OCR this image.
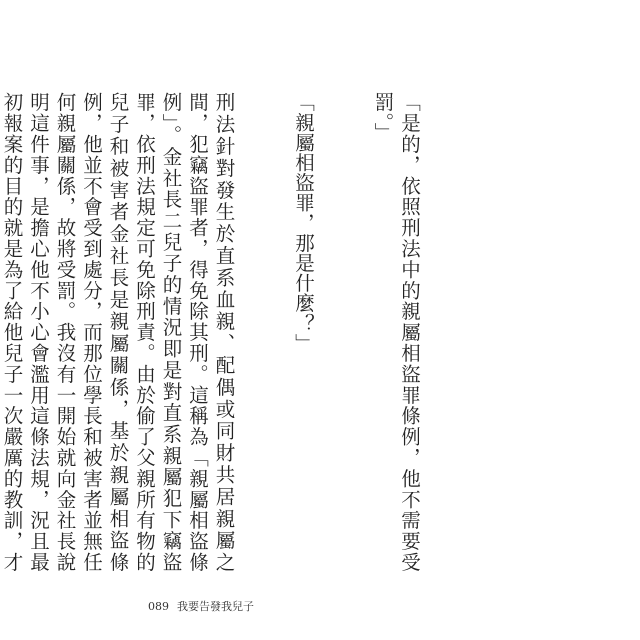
「是的，依照刑法中的親屬相盜罪條例，他不需要受罰。」

「親屬相盜罪，那是什麼？」

刑法針對發生於直系血親、配偶或同財共居親屬之間，犯竊盜罪者，得免除其刑。這稱為「親屬相盜條例」。金社長二兒子的情況即是對直系親屬犯下竊盜罪，依刑法規定可免除刑責。由於偷了父親所有物的兒子和被害者金社長是親屬關係，基於親屬相盜條例，他並不會受到處分，而那位學長和被害者並無任何親屬關係，故將受罰。我沒有一開始就向金社長說明這件事，是擔心他不小心會濫用這條法規，況且最初報案的目的就是為了給他兒子一次嚴厲的教訓，才

089 我要告發我兒子
